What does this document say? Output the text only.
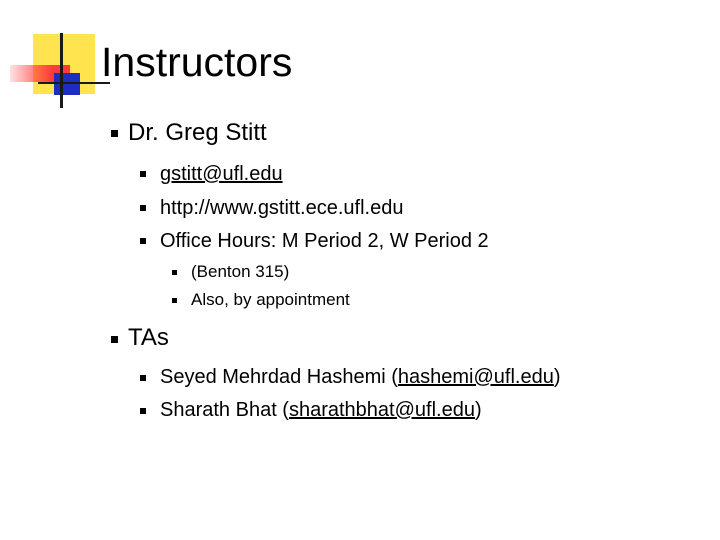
Instructors
Dr. Greg Stitt
gstitt@ufl.edu
http://www.gstitt.ece.ufl.edu
Office Hours: M Period 2, W Period 2
(Benton 315)
Also, by appointment
TAs
Seyed Mehrdad Hashemi (hashemi@ufl.edu)
Sharath Bhat (sharathbhat@ufl.edu)
